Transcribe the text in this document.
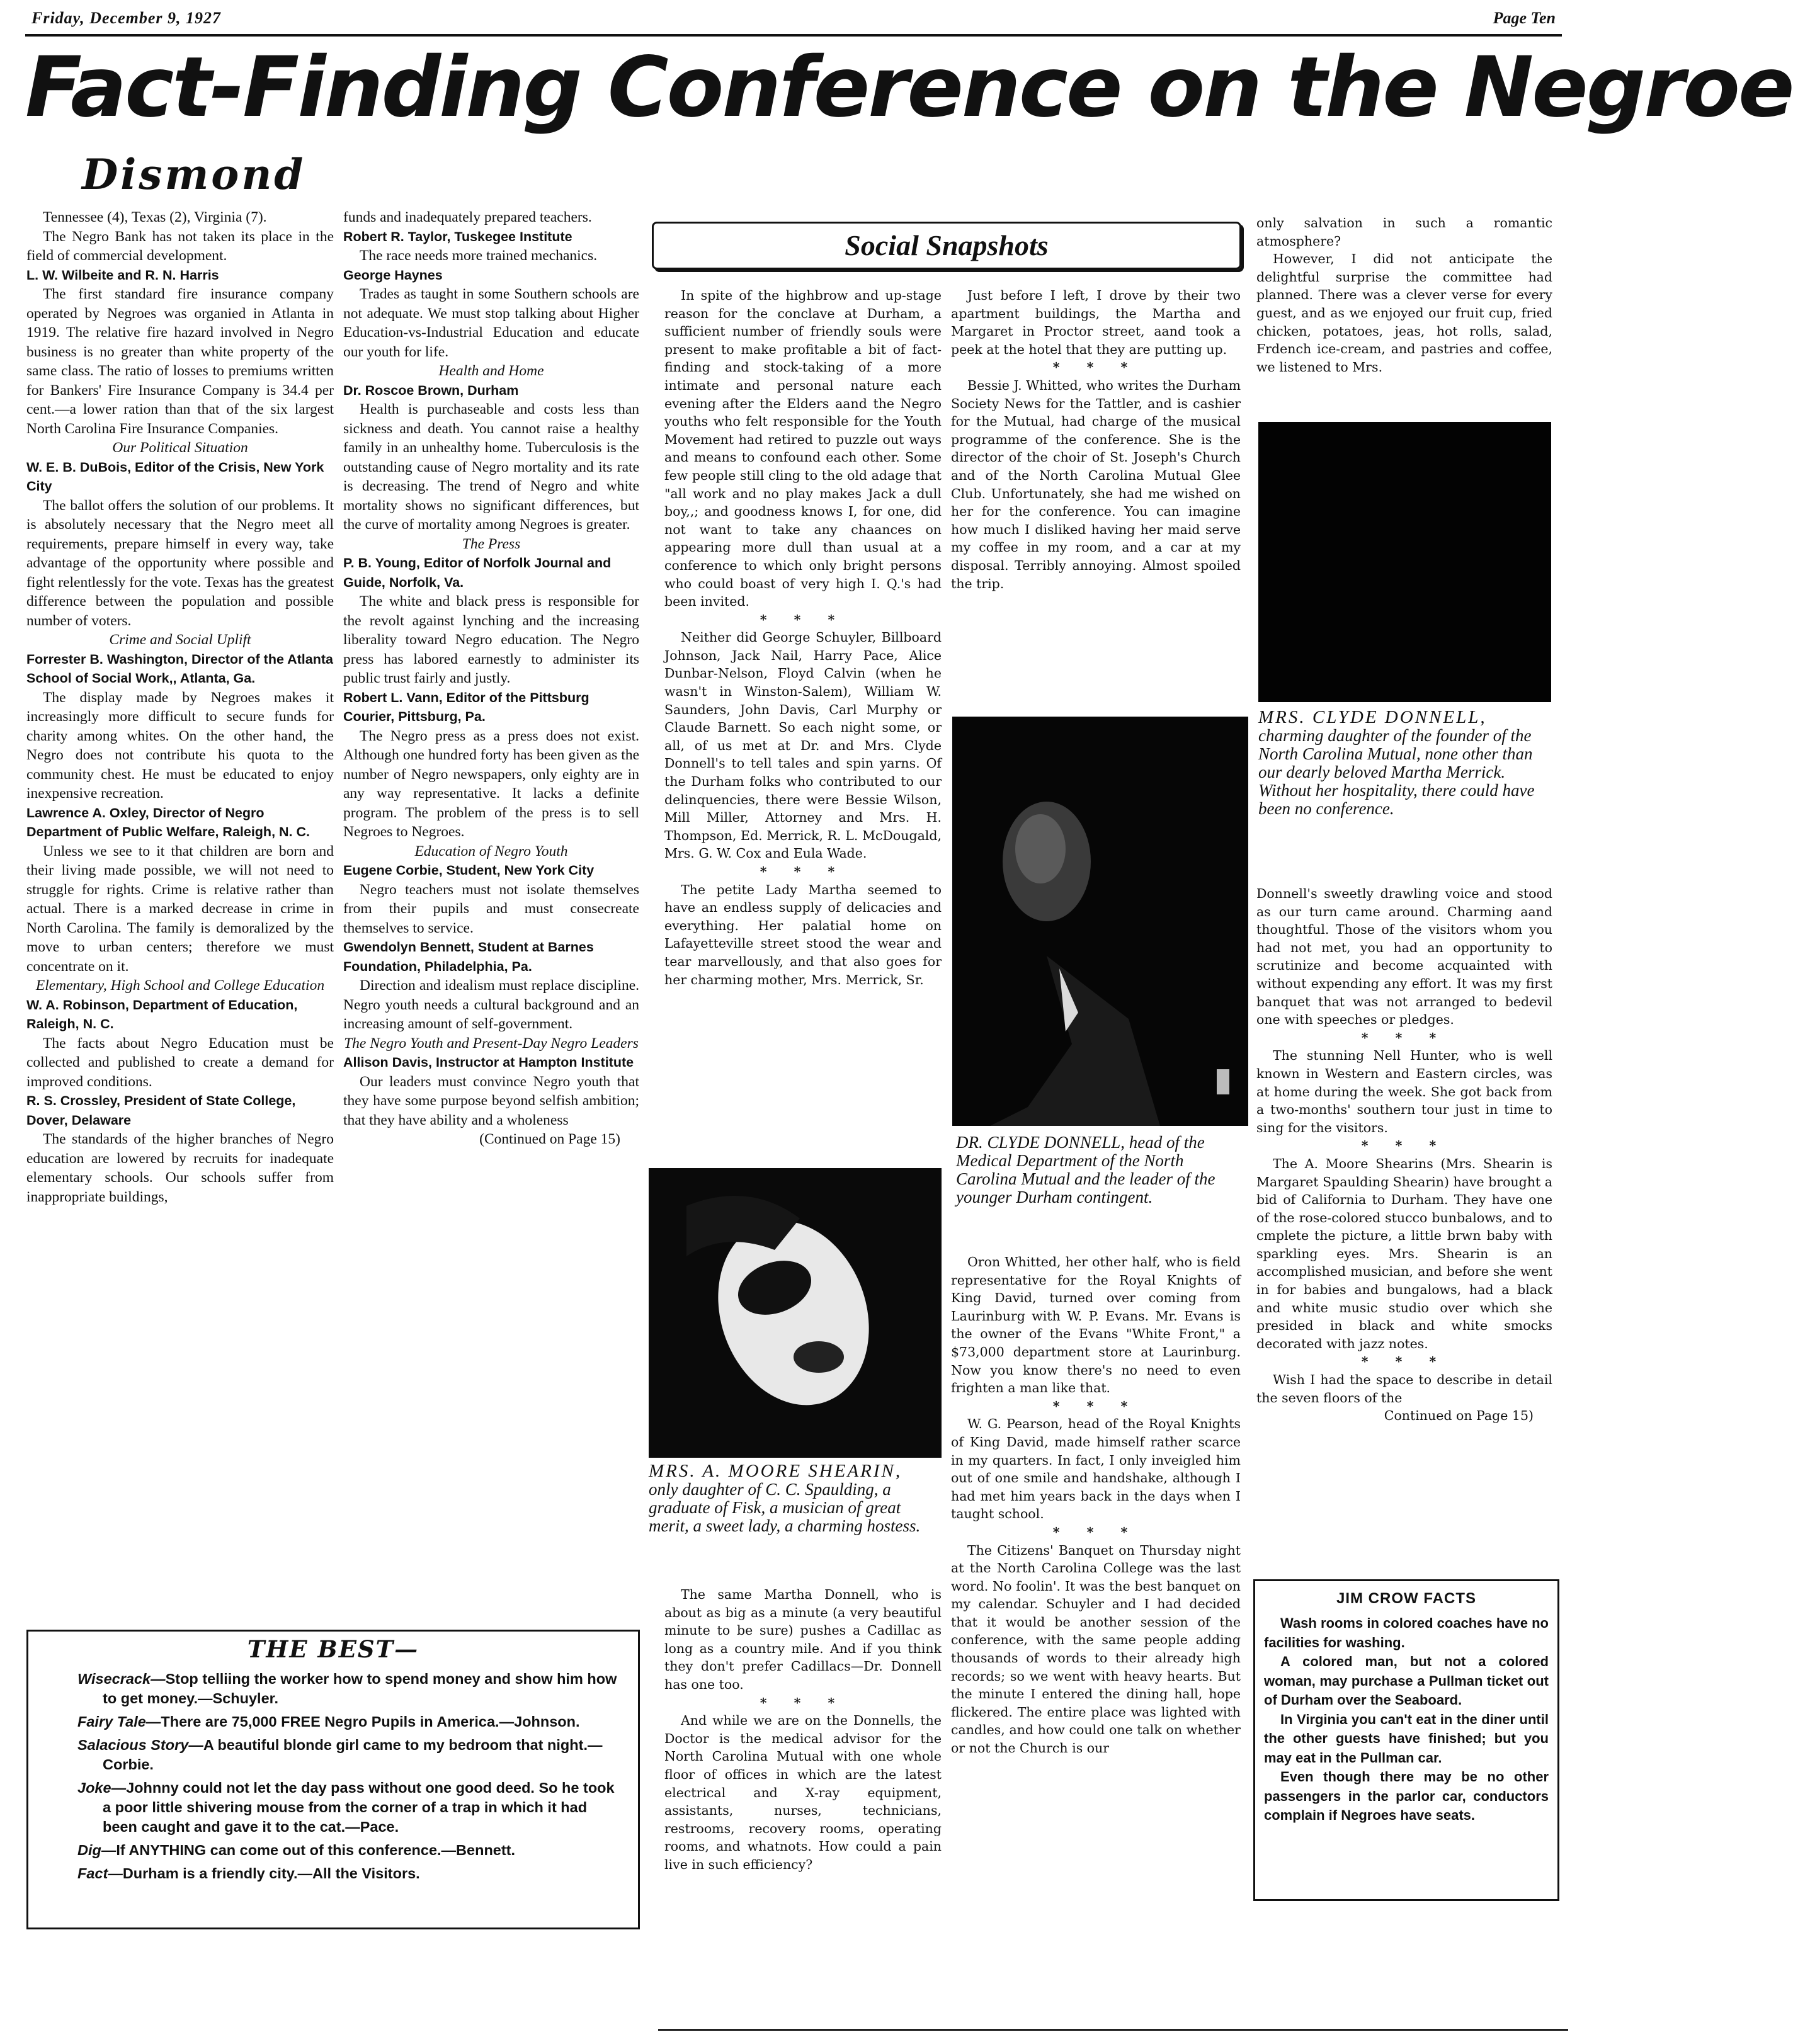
Friday, December 9, 1927	Page Ten
Fact-Finding Conference on the Negroe
Dismond

Tennessee (4), Texas (2), Virginia (7).

The Negro Bank has not taken its place in the field of commercial development.

L. W. Wilbeite and R. N. Harris

The first standard fire insurance company operated by Negroes was organied in Atlanta in 1919. The relative fire hazard involved in Negro business is no greater than white property of the same class. The ratio of losses to premiums written for Bankers' Fire Insurance Company is 34.4 per cent.—a lower ration than that of the six largest North Carolina Fire Insurance Companies.

Our Political Situation

W. E. B. DuBois, Editor of the Crisis, New York City

The ballot offers the solution of our problems. It is absolutely necessary that the Negro meet all requirements, prepare himself in every way, take advantage of the opportunity where possible and fight relentlessly for the vote. Texas has the greatest difference between the population and possible number of voters.

Crime and Social Uplift

Forrester B. Washington, Director of the Atlanta School of Social Work,, Atlanta, Ga.

The display made by Negroes makes it increasingly more difficult to secure funds for charity among whites. On the other hand, the Negro does not contribute his quota to the community chest. He must be educated to enjoy inexpensive recreation.

Lawrence A. Oxley, Director of Negro Department of Public Welfare, Raleigh, N. C.

Unless we see to it that children are born and their living made possible, we will not need to struggle for rights. Crime is relative rather than actual. There is a marked decrease in crime in North Carolina. The family is demoralized by the move to urban centers; therefore we must concentrate on it.

Elementary, High School and College Education

W. A. Robinson, Department of Education, Raleigh, N. C.

The facts about Negro Education must be collected and published to create a demand for improved conditions.

R. S. Crossley, President of State College, Dover, Delaware

The standards of the higher branches of Negro education are lowered by recruits for inadequate elementary schools. Our schools suffer from inappropriate buildings,

funds and inadequately prepared teachers.

Robert R. Taylor, Tuskegee Institute

The race needs more trained mechanics.

George Haynes

Trades as taught in some Southern schools are not adequate. We must stop talking about Higher Education-vs-Industrial Education and educate our youth for life.

Health and Home

Dr. Roscoe Brown, Durham

Health is purchaseable and costs less than sickness and death. You cannot raise a healthy family in an unhealthy home. Tuberculosis is the outstanding cause of Negro mortality and its rate is decreasing. The trend of Negro and white mortality shows no significant differences, but the curve of mortality among Negroes is greater.

The Press

P. B. Young, Editor of Norfolk Journal and Guide, Norfolk, Va.

The white and black press is responsible for the revolt against lynching and the increasing liberality toward Negro education. The Negro press has labored earnestly to administer its public trust fairly and justly.

Robert L. Vann, Editor of the Pittsburg Courier, Pittsburg, Pa.

The Negro press as a press does not exist. Although one hundred forty has been given as the number of Negro newspapers, only eighty are in any way representative. It lacks a definite program. The problem of the press is to sell Negroes to Negroes.

Education of Negro Youth

Eugene Corbie, Student, New York City

Negro teachers must not isolate themselves from their pupils and must consecreate themselves to service.

Gwendolyn Bennett, Student at Barnes Foundation, Philadelphia, Pa.

Direction and idealism must replace discipline. Negro youth needs a cultural background and an increasing amount of self-government.

The Negro Youth and Present-Day Negro Leaders

Allison Davis, Instructor at Hampton Institute

Our leaders must convince Negro youth that they have some purpose beyond selfish ambition; that they have ability and a wholeness

(Continued on Page 15)

Social Snapshots

In spite of the highbrow and up-stage reason for the conclave at Durham, a sufficient number of friendly souls were present to make profitable a bit of fact-finding and stock-taking of a more intimate and personal nature each evening after the Elders aand the Negro youths who felt responsible for the Youth Movement had retired to puzzle out ways and means to confound each other. Some few people still cling to the old adage that "all work and no play makes Jack a dull boy,,; and goodness knows I, for one, did not want to take any chaances on appearing more dull than usual at a conference to which only bright persons who could boast of very high I. Q.'s had been invited.

* * *

Neither did George Schuyler, Billboard Johnson, Jack Nail, Harry Pace, Alice Dunbar-Nelson, Floyd Calvin (when he wasn't in Winston-Salem), William W. Saunders, John Davis, Carl Murphy or Claude Barnett. So each night some, or all, of us met at Dr. and Mrs. Clyde Donnell's to tell tales and spin yarns. Of the Durham folks who contributed to our delinquencies, there were Bessie Wilson, Mill Miller, Attorney and Mrs. H. Thompson, Ed. Merrick, R. L. McDougald, Mrs. G. W. Cox and Eula Wade.

* * *

The petite Lady Martha seemed to have an endless supply of delicacies and everything. Her palatial home on Lafayetteville street stood the wear and tear marvellously, and that also goes for her charming mother, Mrs. Merrick, Sr.

MRS. A. MOORE SHEARIN,
only daughter of C. C. Spaulding, a graduate of Fisk, a musician of great merit, a sweet lady, a charming hostess.

The same Martha Donnell, who is about as big as a minute (a very beautiful minute to be sure) pushes a Cadillac as long as a country mile. And if you think they don't prefer Cadillacs—Dr. Donnell has one too.

* * *

And while we are on the Donnells, the Doctor is the medical advisor for the North Carolina Mutual with one whole floor of offices in which are the latest electrical and X-ray equipment, assistants, nurses, technicians, restrooms, recovery rooms, operating rooms, and whatnots. How could a pain live in such efficiency?

Just before I left, I drove by their two apartment buildings, the Martha and Margaret in Proctor street, aand took a peek at the hotel that they are putting up.

* * *

Bessie J. Whitted, who writes the Durham Society News for the Tattler, and is cashier for the Mutual, had charge of the musical programme of the conference. She is the director of the choir of St. Joseph's Church and of the North Carolina Mutual Glee Club. Unfortunately, she had me wished on her for the conference. You can imagine how much I disliked having her maid serve my coffee in my room, and a car at my disposal. Terribly annoying. Almost spoiled the trip.

DR. CLYDE DONNELL, head of the Medical Department of the North Carolina Mutual and the leader of the younger Durham contingent.

Oron Whitted, her other half, who is field representative for the Royal Knights of King David, turned over coming from Laurinburg with W. P. Evans. Mr. Evans is the owner of the Evans "White Front," a $73,000 department store at Laurinburg. Now you know there's no need to even frighten a man like that.

* * *

W. G. Pearson, head of the Royal Knights of King David, made himself rather scarce in my quarters. In fact, I only inveigled him out of one smile and handshake, although I had met him years back in the days when I taught school.

* * *

The Citizens' Banquet on Thursday night at the North Carolina College was the last word. No foolin'. It was the best banquet on my calendar. Schuyler and I had decided that it would be another session of the conference, with the same people adding thousands of words to their already high records; so we went with heavy hearts. But the minute I entered the dining hall, hope flickered. The entire place was lighted with candles, and how could one talk on whether or not the Church is our

only salvation in such a romantic atmosphere?

However, I did not anticipate the delightful surprise the committee had planned. There was a clever verse for every guest, and as we enjoyed our fruit cup, fried chicken, potatoes, jeas, hot rolls, salad, Frdench ice-cream, and pastries and coffee, we listened to Mrs.

MRS. CLYDE DONNELL,
charming daughter of the founder of the North Carolina Mutual, none other than our dearly beloved Martha Merrick. Without her hospitality, there could have been no conference.

Donnell's sweetly drawling voice and stood as our turn came around. Charming aand thoughtful. Those of the visitors whom you had not met, you had an opportunity to scrutinize and become acquainted with without expending any effort. It was my first banquet that was not arranged to bedevil one with speeches or pledges.

* * *

The stunning Nell Hunter, who is well known in Western and Eastern circles, was at home during the week. She got back from a two-months' southern tour just in time to sing for the visitors.

* * *

The A. Moore Shearins (Mrs. Shearin is Margaret Spaulding Shearin) have brought a bid of California to Durham. They have one of the rose-colored stucco bunbalows, and to cmplete the picture, a little brwn baby with sparkling eyes. Mrs. Shearin is an accomplished musician, and before she went in for babies and bungalows, had a black and white music studio over which she presided in black and white smocks decorated with jazz notes.

* * *

Wish I had the space to describe in detail the seven floors of the

Continued on Page 15)

THE BEST—
Wisecrack—Stop telliing the worker how to spend money and show him how to get money.—Schuyler.
Fairy Tale—There are 75,000 FREE Negro Pupils in America.—Johnson.
Salacious Story—A beautiful blonde girl came to my bedroom that night.—Corbie.
Joke—Johnny could not let the day pass without one good deed. So he took a poor little shivering mouse from the corner of a trap in which it had been caught and gave it to the cat.—Pace.
Dig—If ANYTHING can come out of this conference.—Bennett.
Fact—Durham is a friendly city.—All the Visitors.
JIM CROW FACTS

Wash rooms in colored coaches have no facilities for washing.

A colored man, but not a colored woman, may purchase a Pullman ticket out of Durham over the Seaboard.

In Virginia you can't eat in the diner until the other guests have finished; but you may eat in the Pullman car.

Even though there may be no other passengers in the parlor car, conductors complain if Negroes have seats.
